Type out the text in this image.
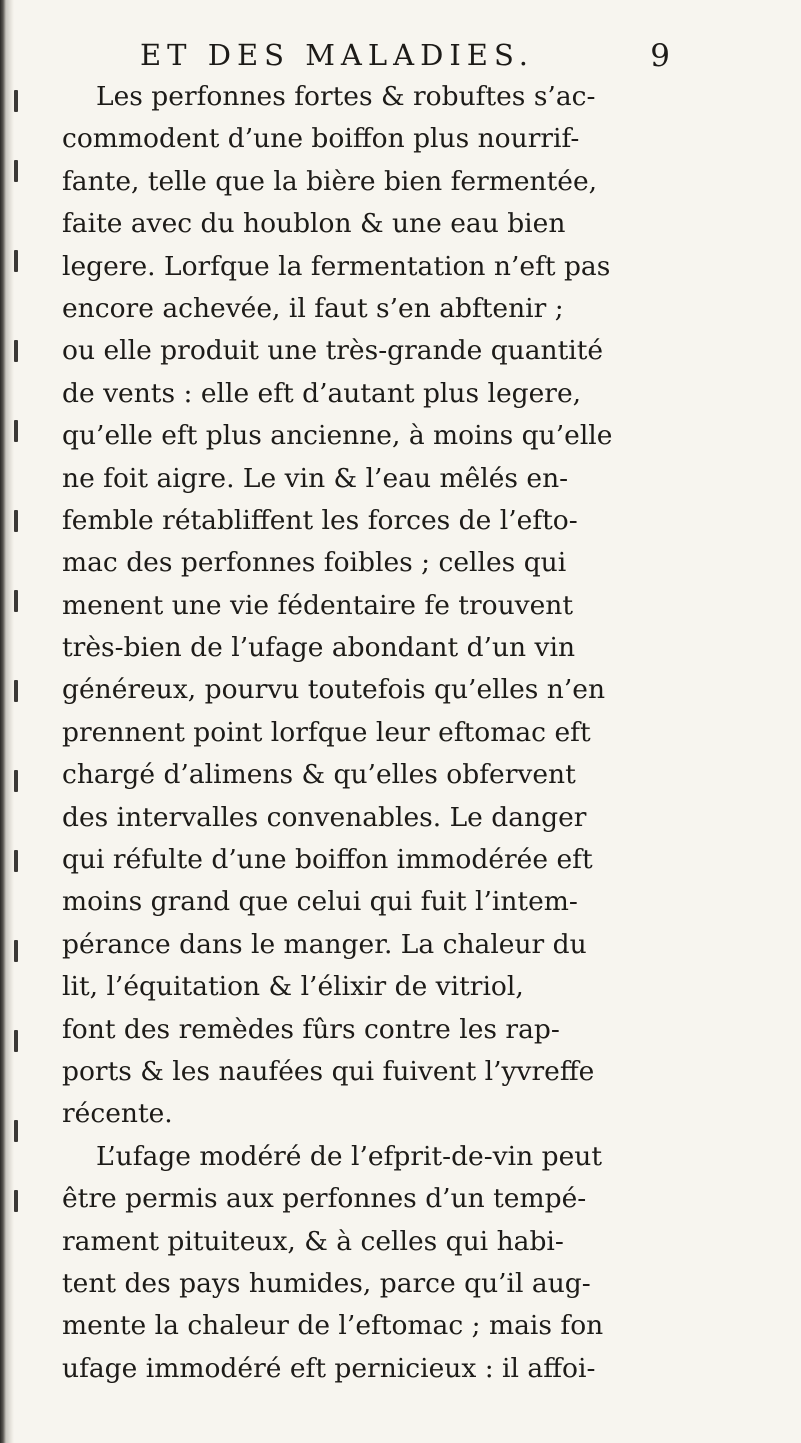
ET DES MALADIES.	9
Les perfonnes fortes & robuftes s’ac-
commodent d’une boiffon plus nourrif-
fante, telle que la bière bien fermentée,
faite avec du houblon & une eau bien
legere. Lorfque la fermentation n’eft pas
encore achevée, il faut s’en abftenir ;
ou elle produit une très-grande quantité
de vents : elle eft d’autant plus legere,
qu’elle eft plus ancienne, à moins qu’elle
ne foit aigre. Le vin & l’eau mêlés en-
femble rétabliffent les forces de l’efto-
mac des perfonnes foibles ; celles qui
menent une vie fédentaire fe trouvent
très-bien de l’ufage abondant d’un vin
généreux, pourvu toutefois qu’elles n’en
prennent point lorfque leur eftomac eft
chargé d’alimens & qu’elles obfervent
des intervalles convenables. Le danger
qui réfulte d’une boiffon immodérée eft
moins grand que celui qui fuit l’intem-
pérance dans le manger. La chaleur du
lit, l’équitation & l’élixir de vitriol,
font des remèdes fûrs contre les rap-
ports & les naufées qui fuivent l’yvreffe
récente.
L’ufage modéré de l’efprit-de-vin peut
être permis aux perfonnes d’un tempé-
rament pituiteux, & à celles qui habi-
tent des pays humides, parce qu’il aug-
mente la chaleur de l’eftomac ; mais fon
ufage immodéré eft pernicieux : il affoi-
